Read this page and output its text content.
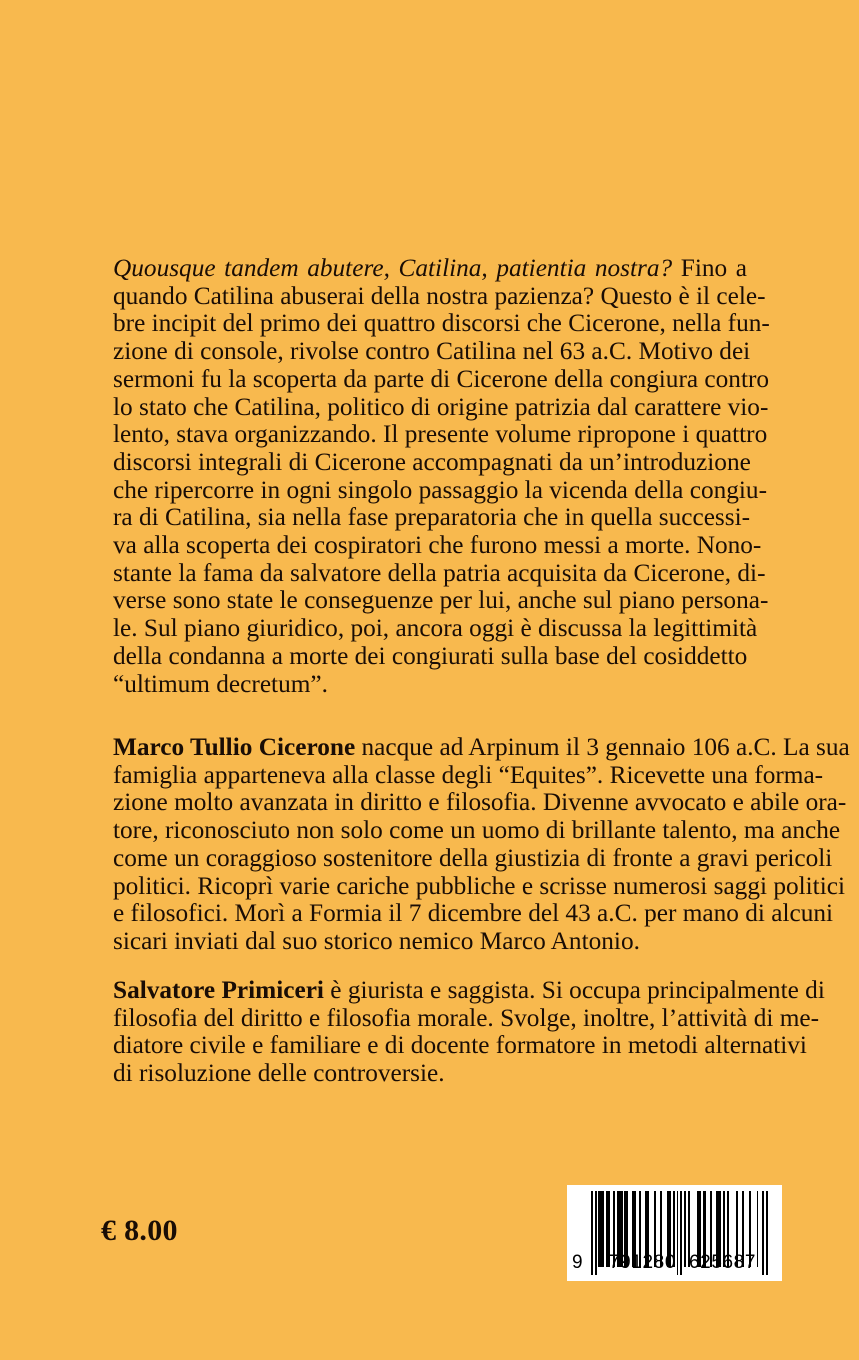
Quousque tandem abutere, Catilina, patientia nostra? Fino a
quando Catilina abuserai della nostra pazienza? Questo è il cele-
bre incipit del primo dei quattro discorsi che Cicerone, nella fun-
zione di console, rivolse contro Catilina nel 63 a.C. Motivo dei
sermoni fu la scoperta da parte di Cicerone della congiura contro
lo stato che Catilina, politico di origine patrizia dal carattere vio-
lento, stava organizzando. Il presente volume ripropone i quattro
discorsi integrali di Cicerone accompagnati da un’introduzione
che ripercorre in ogni singolo passaggio la vicenda della congiu-
ra di Catilina, sia nella fase preparatoria che in quella successi-
va alla scoperta dei cospiratori che furono messi a morte. Nono-
stante la fama da salvatore della patria acquisita da Cicerone, di-
verse sono state le conseguenze per lui, anche sul piano persona-
le. Sul piano giuridico, poi, ancora oggi è discussa la legittimità
della condanna a morte dei congiurati sulla base del cosiddetto
“ultimum decretum”.
Marco Tullio Cicerone nacque ad Arpinum il 3 gennaio 106 a.C. La sua
famiglia apparteneva alla classe degli “Equites”. Ricevette una forma-
zione molto avanzata in diritto e filosofia. Divenne avvocato e abile ora-
tore, riconosciuto non solo come un uomo di brillante talento, ma anche
come un coraggioso sostenitore della giustizia di fronte a gravi pericoli
politici. Ricoprì varie cariche pubbliche e scrisse numerosi saggi politici
e filosofici. Morì a Formia il 7 dicembre del 43 a.C. per mano di alcuni
sicari inviati dal suo storico nemico Marco Antonio.
Salvatore Primiceri è giurista e saggista. Si occupa principalmente di
filosofia del diritto e filosofia morale. Svolge, inoltre, l’attività di me-
diatore civile e familiare e di docente formatore in metodi alternativi
di risoluzione delle controversie.
€ 8.00
9 791280 625687
